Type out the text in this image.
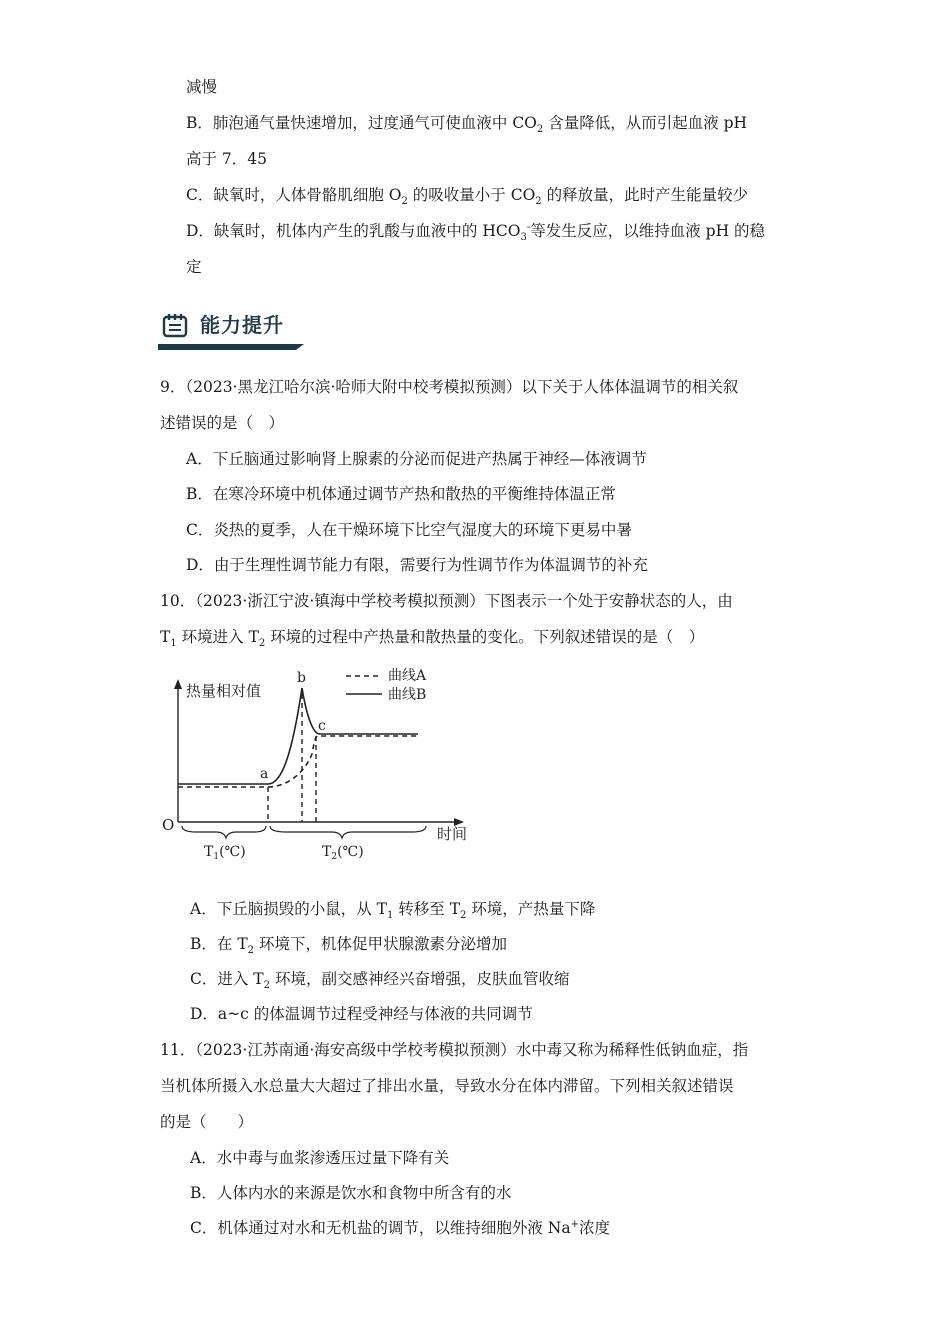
减慢
B．肺泡通气量快速增加，过度通气可使血液中 $CO_2$ 含量降低，从而引起血液 pH
高于 7．45
C．缺氧时，人体骨骼肌细胞 $O_2$ 的吸收量小于 $CO_2$ 的释放量，此时产生能量较少
D．缺氧时，机体内产生的乳酸与血液中的 $HCO_3^-$等发生反应，以维持血液 pH 的稳
定
能力提升
9．（2023·黑龙江哈尔滨·哈师大附中校考模拟预测）以下关于人体体温调节的相关叙
述错误的是（　）
A．下丘脑通过影响肾上腺素的分泌而促进产热属于神经—体液调节
B．在寒冷环境中机体通过调节产热和散热的平衡维持体温正常
C．炎热的夏季，人在干燥环境下比空气湿度大的环境下更易中暑
D．由于生理性调节能力有限，需要行为性调节作为体温调节的补充
10．（2023·浙江宁波·镇海中学校考模拟预测）下图表示一个处于安静状态的人，由
$T_1$ 环境进入 $T_2$ 环境的过程中产热量和散热量的变化。下列叙述错误的是（　）
热量相对值
时间
O
曲线A
曲线B
a
b
c
$T_1(℃)$	$T_2(℃)$
A．下丘脑损毁的小鼠，从 $T_1$ 转移至 $T_2$ 环境，产热量下降
B．在 $T_2$ 环境下，机体促甲状腺激素分泌增加
C．进入 $T_2$ 环境，副交感神经兴奋增强，皮肤血管收缩
D．a~c 的体温调节过程受神经与体液的共同调节
11．（2023·江苏南通·海安高级中学校考模拟预测）水中毒又称为稀释性低钠血症，指
当机体所摄入水总量大大超过了排出水量，导致水分在体内滞留。下列相关叙述错误
的是（　　）
A．水中毒与血浆渗透压过量下降有关
B．人体内水的来源是饮水和食物中所含有的水
C．机体通过对水和无机盐的调节，以维持细胞外液 Na+浓度
